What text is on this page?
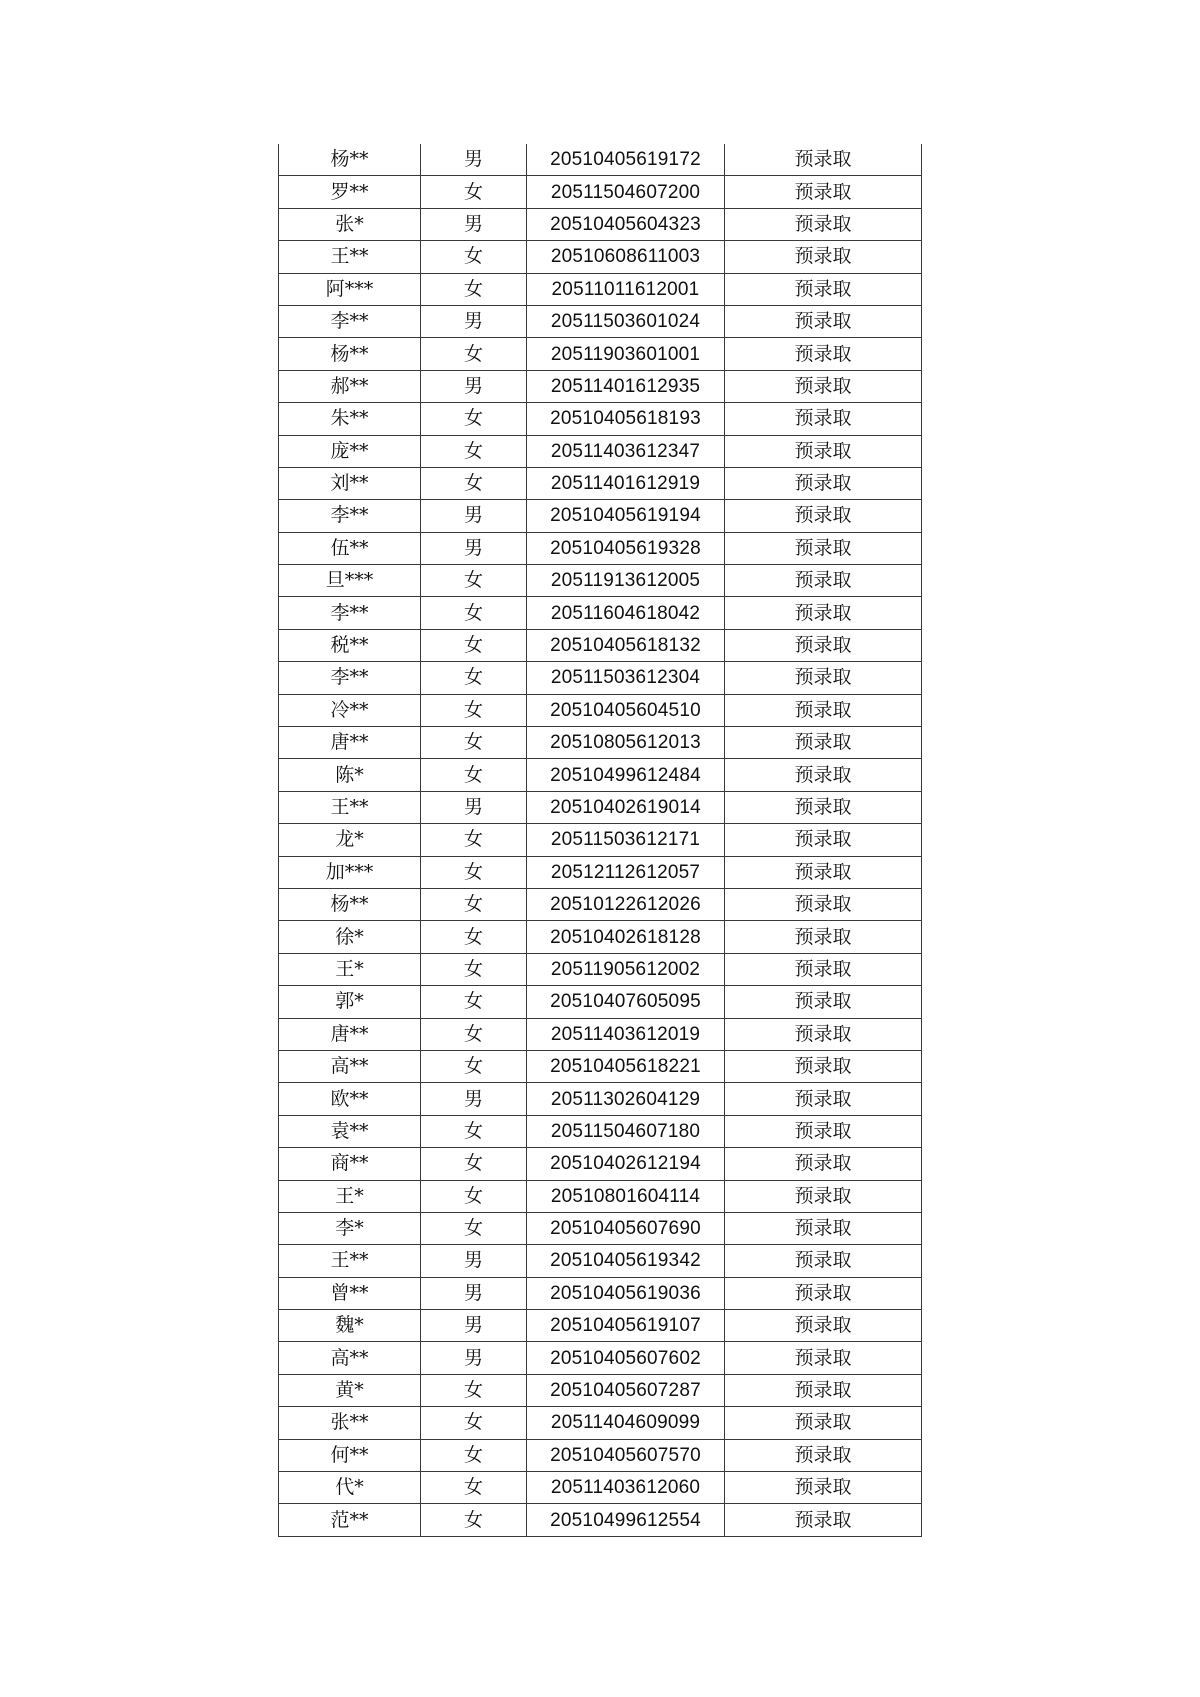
杨**	男	20510405619172	预录取
罗**	女	20511504607200	预录取
张*	男	20510405604323	预录取
王**	女	20510608611003	预录取
阿***	女	20511011612001	预录取
李**	男	20511503601024	预录取
杨**	女	20511903601001	预录取
郝**	男	20511401612935	预录取
朱**	女	20510405618193	预录取
庞**	女	20511403612347	预录取
刘**	女	20511401612919	预录取
李**	男	20510405619194	预录取
伍**	男	20510405619328	预录取
旦***	女	20511913612005	预录取
李**	女	20511604618042	预录取
税**	女	20510405618132	预录取
李**	女	20511503612304	预录取
冷**	女	20510405604510	预录取
唐**	女	20510805612013	预录取
陈*	女	20510499612484	预录取
王**	男	20510402619014	预录取
龙*	女	20511503612171	预录取
加***	女	20512112612057	预录取
杨**	女	20510122612026	预录取
徐*	女	20510402618128	预录取
王*	女	20511905612002	预录取
郭*	女	20510407605095	预录取
唐**	女	20511403612019	预录取
高**	女	20510405618221	预录取
欧**	男	20511302604129	预录取
袁**	女	20511504607180	预录取
商**	女	20510402612194	预录取
王*	女	20510801604114	预录取
李*	女	20510405607690	预录取
王**	男	20510405619342	预录取
曾**	男	20510405619036	预录取
魏*	男	20510405619107	预录取
高**	男	20510405607602	预录取
黄*	女	20510405607287	预录取
张**	女	20511404609099	预录取
何**	女	20510405607570	预录取
代*	女	20511403612060	预录取
范**	女	20510499612554	预录取
